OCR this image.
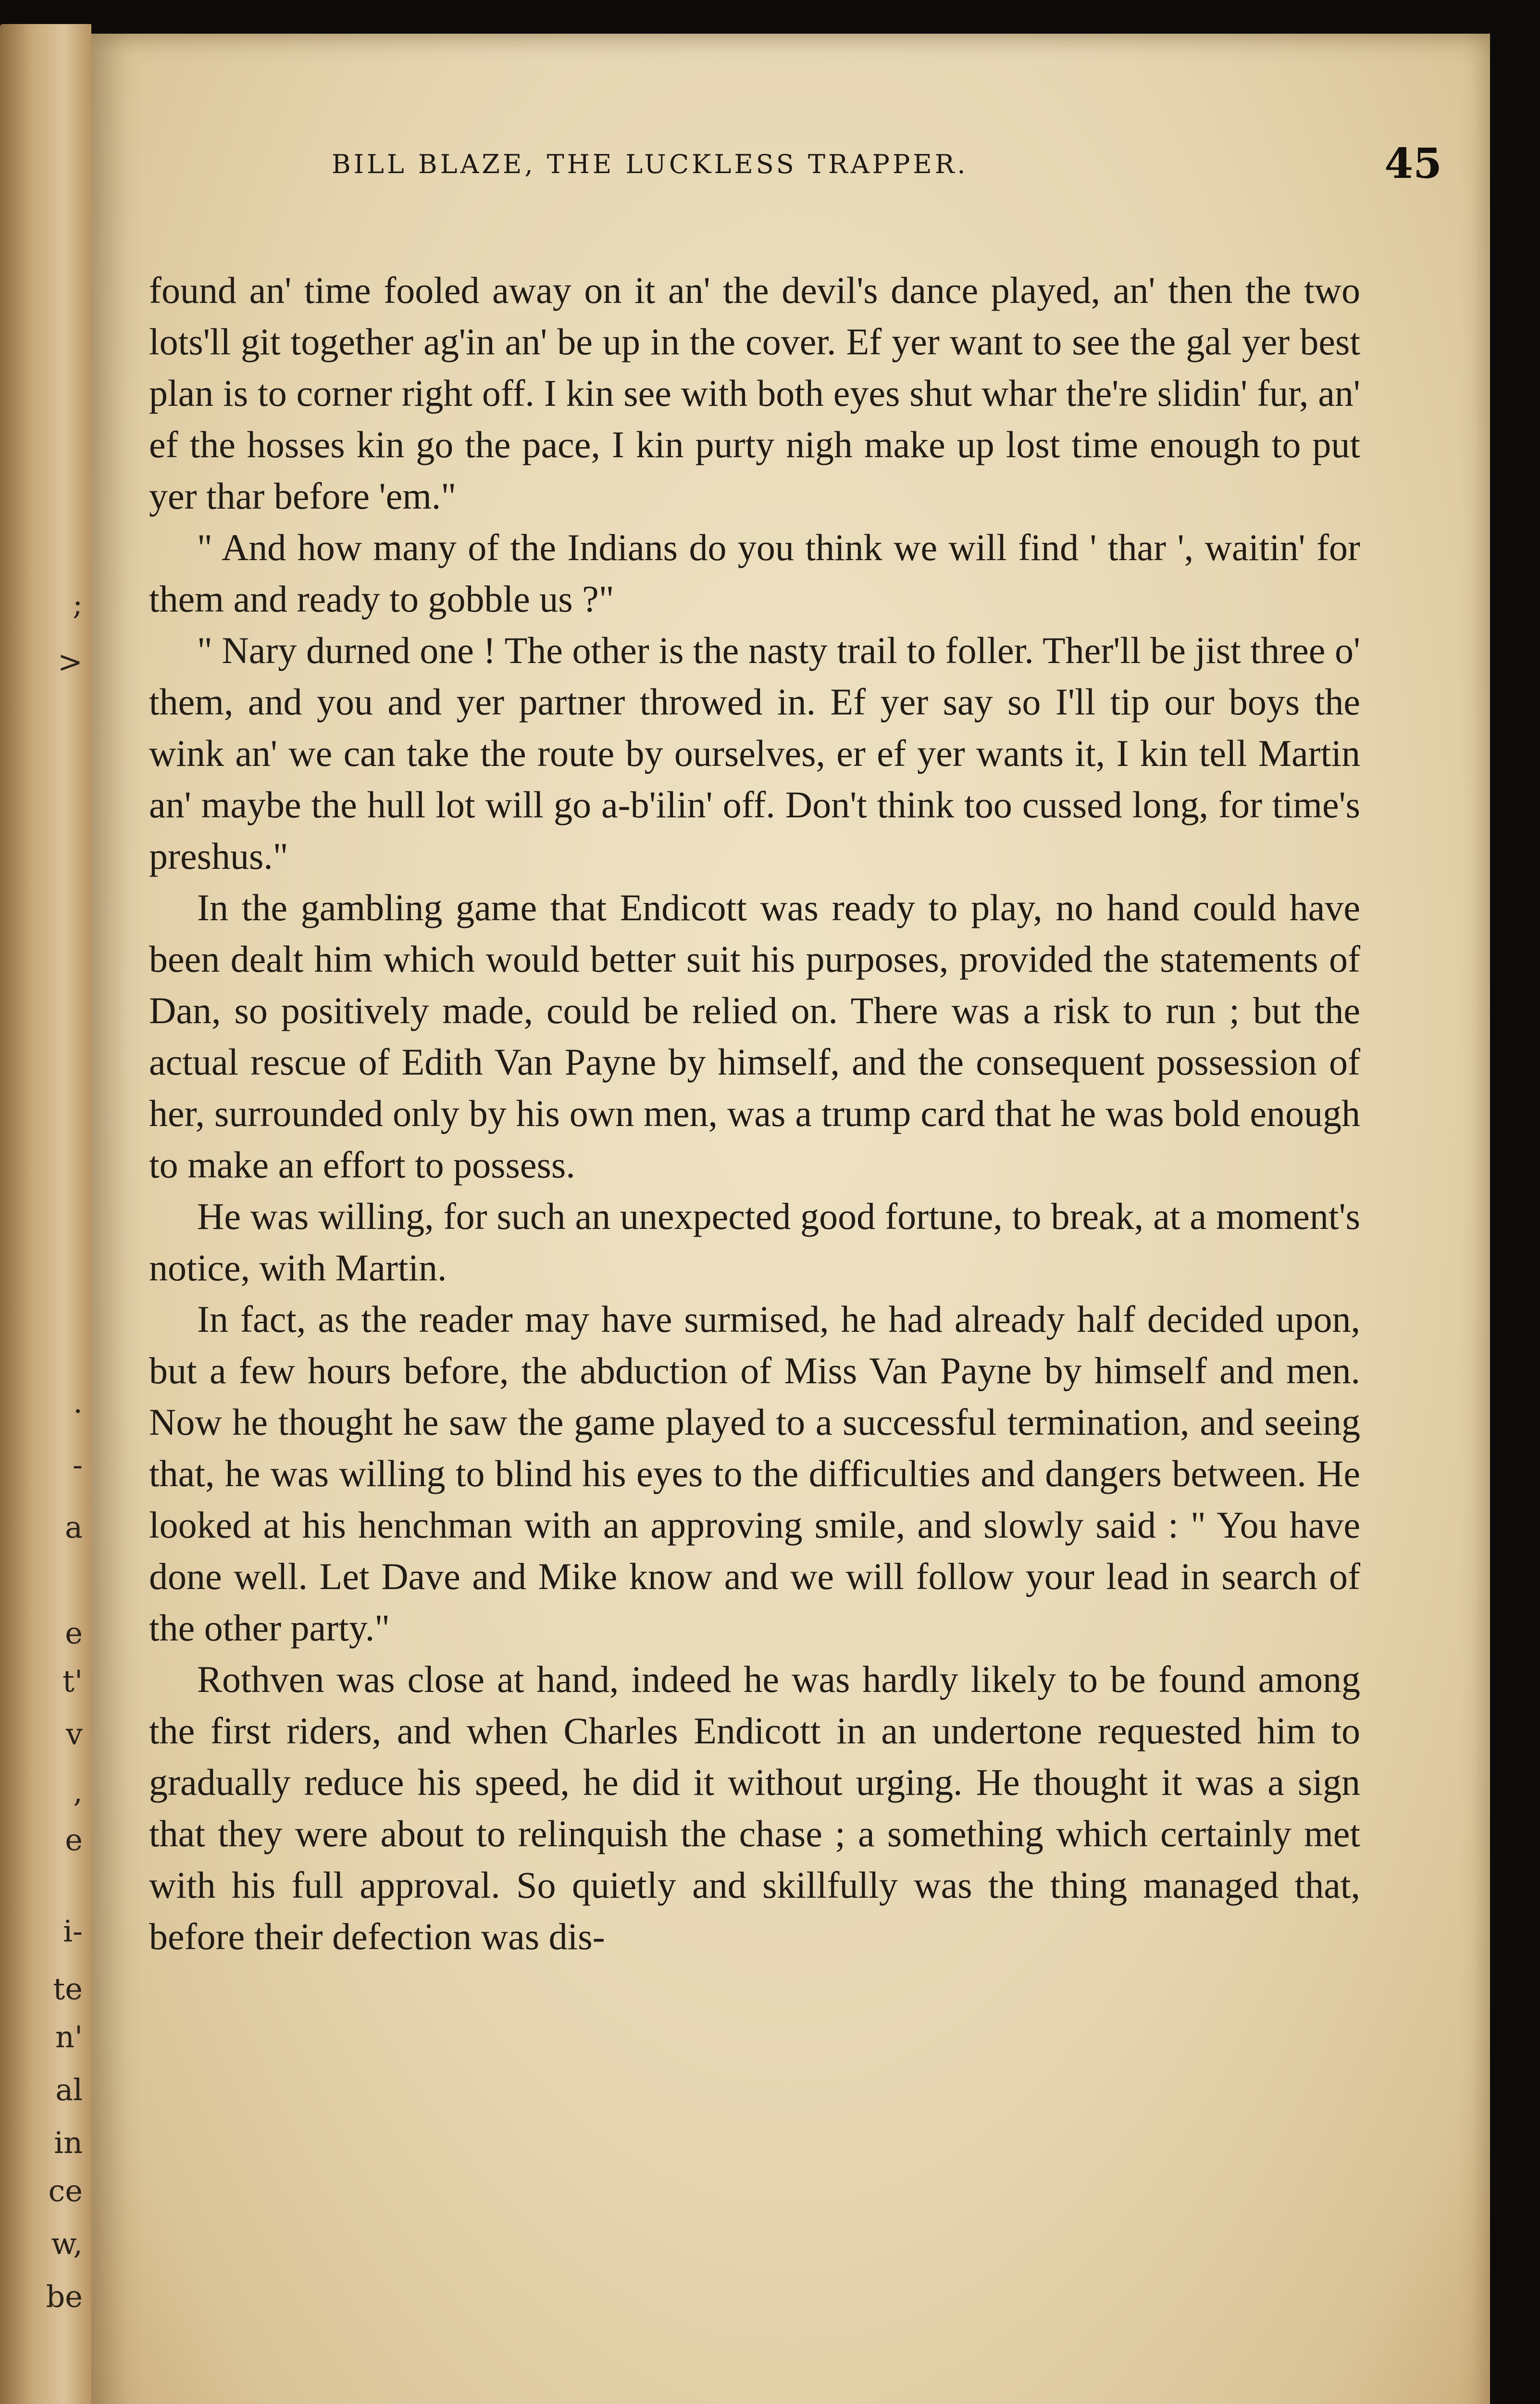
;
>
.
-
a
e
t'
v
,
e
i-
te
n'
al
in
ce
w,
be
BILL BLAZE, THE LUCKLESS TRAPPER.	45

found an' time fooled away on it an' the devil's dance played, an' then the two lots'll git together ag'in an' be up in the cover. Ef yer want to see the gal yer best plan is to corner right off. I kin see with both eyes shut whar the're slidin' fur, an' ef the hosses kin go the pace, I kin purty nigh make up lost time enough to put yer thar before 'em."

" And how many of the Indians do you think we will find ' thar ', waitin' for them and ready to gobble us ?"

" Nary durned one ! The other is the nasty trail to foller. Ther'll be jist three o' them, and you and yer partner throwed in. Ef yer say so I'll tip our boys the wink an' we can take the route by ourselves, er ef yer wants it, I kin tell Martin an' maybe the hull lot will go a-b'ilin' off. Don't think too cussed long, for time's preshus."

In the gambling game that Endicott was ready to play, no hand could have been dealt him which would better suit his purposes, provided the statements of Dan, so positively made, could be relied on. There was a risk to run ; but the actual rescue of Edith Van Payne by himself, and the consequent possession of her, surrounded only by his own men, was a trump card that he was bold enough to make an effort to possess.

He was willing, for such an unexpected good fortune, to break, at a moment's notice, with Martin.

In fact, as the reader may have surmised, he had already half decided upon, but a few hours before, the abduction of Miss Van Payne by himself and men. Now he thought he saw the game played to a successful termination, and seeing that, he was willing to blind his eyes to the difficulties and dangers between. He looked at his henchman with an approving smile, and slowly said : " You have done well. Let Dave and Mike know and we will follow your lead in search of the other party."

Rothven was close at hand, indeed he was hardly likely to be found among the first riders, and when Charles Endicott in an undertone requested him to gradually reduce his speed, he did it without urging. He thought it was a sign that they were about to relinquish the chase ; a something which certainly met with his full approval. So quietly and skillfully was the thing managed that, before their defection was dis-
